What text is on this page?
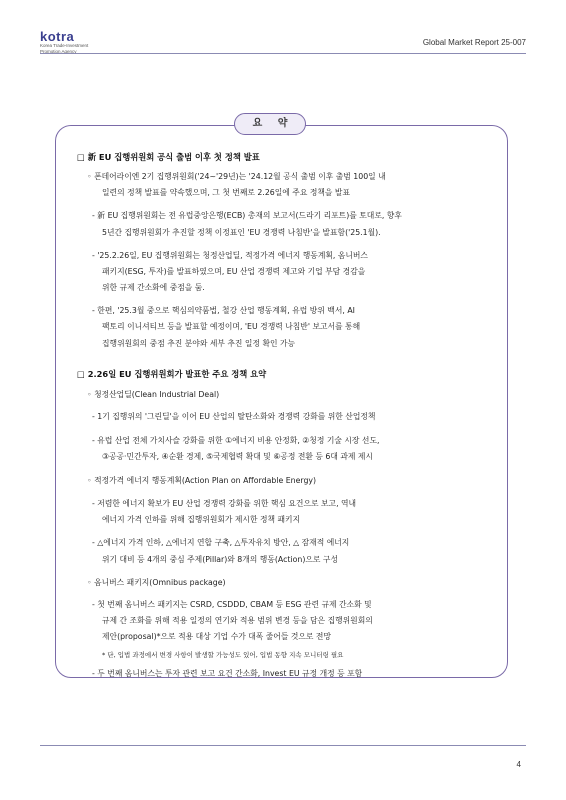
kotra
Korea Trade-Investment
Promotion Agency
Global Market Report 25-007
요 약
□ 新 EU 집행위원회 공식 출범 이후 첫 정책 발표
◦ 폰데어라이엔 2기 집행위원회('24~'29년)는 '24.12월 공식 출범 이후 출범 100일 내
일련의 정책 발표를 약속했으며, 그 첫 번째로 2.26일에 주요 정책을 발표
- 新 EU 집행위원회는 전 유럽중앙은행(ECB) 총재의 보고서(드라기 리포트)를 토대로, 향후
5년간 집행위원회가 추진할 정책 이정표인 'EU 경쟁력 나침반'을 발표함('25.1월).
- '25.2.26일, EU 집행위원회는 청정산업딜, 적정가격 에너지 행동계획, 옴니버스
패키지(ESG, 투자)를 발표하였으며, EU 산업 경쟁력 제고와 기업 부담 경감을
위한 규제 간소화에 중점을 둠.
- 한편, '25.3월 중으로 핵심의약품법, 철강 산업 행동계획, 유럽 방위 백서, AI
팩토리 이니셔티브 등을 발표할 예정이며, 'EU 경쟁력 나침반' 보고서를 통해
집행위원회의 중점 추진 분야와 세부 추진 일정 확인 가능
□ 2.26일 EU 집행위원회가 발표한 주요 정책 요약
◦ 청정산업딜(Clean Industrial Deal)
- 1기 집행위의 '그린딜'을 이어 EU 산업의 탈탄소화와 경쟁력 강화를 위한 산업정책
- 유럽 산업 전체 가치사슬 강화를 위한 ①에너지 비용 안정화, ②청정 기술 시장 선도,
③공공·민간투자, ④순환 경제, ⑤국제협력 확대 및 ⑥공정 전환 등 6대 과제 제시
◦ 적정가격 에너지 행동계획(Action Plan on Affordable Energy)
- 저렴한 에너지 확보가 EU 산업 경쟁력 강화를 위한 핵심 요건으로 보고, 역내
에너지 가격 인하를 위해 집행위원회가 제시한 정책 패키지
- △에너지 가격 인하, △에너지 연합 구축, △투자유치 방안, △ 잠재적 에너지
위기 대비 등 4개의 중심 주제(Pillar)와 8개의 행동(Action)으로 구성
◦ 옴니버스 패키지(Omnibus package)
- 첫 번째 옴니버스 패키지는 CSRD, CSDDD, CBAM 등 ESG 관련 규제 간소화 및
규제 간 조화를 위해 적용 일정의 연기와 적용 범위 변경 등을 담은 집행위원회의
제안(proposal)*으로 적용 대상 기업 수가 대폭 줄어들 것으로 전망
* 단, 입법 과정에서 변경 사항이 발생할 가능성도 있어, 입법 동향 지속 모니터링 필요
- 두 번째 옴니버스는 투자 관련 보고 요건 간소화, Invest EU 규정 개정 등 포함
4
